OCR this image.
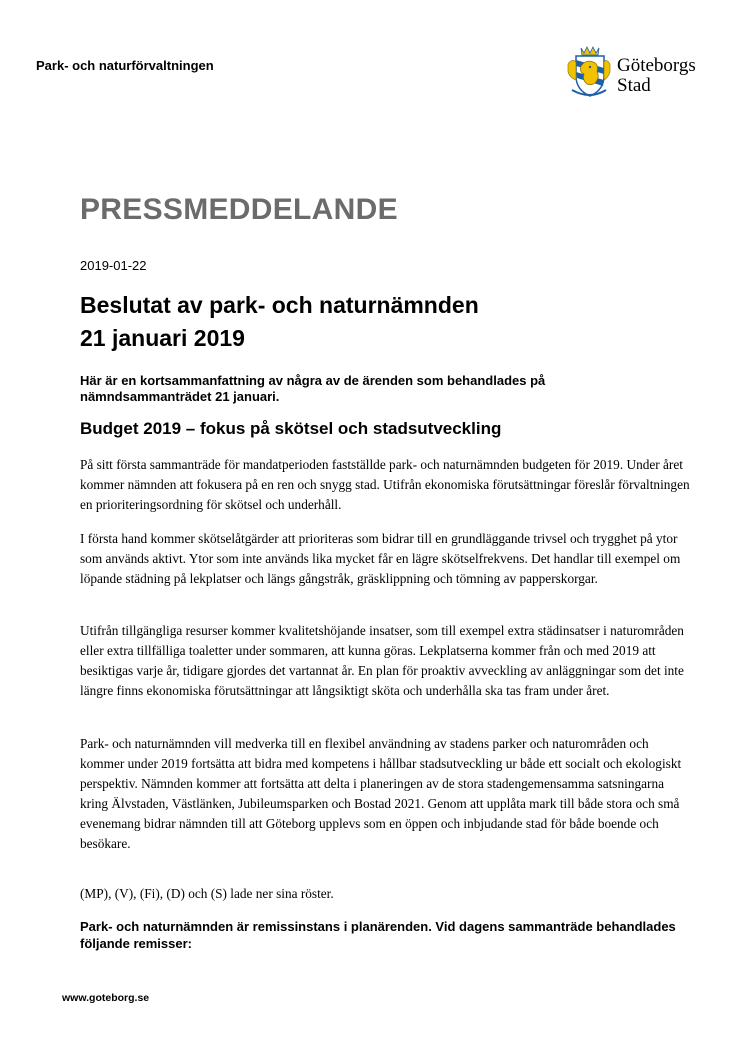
Park- och naturförvaltningen	Göteborgs
Stad
PRESSMEDDELANDE
2019-01-22
Beslutat av park- och naturnämnden
21 januari 2019

Här är en kortsammanfattning av några av de ärenden som behandlades på nämndsammanträdet 21 januari.

Budget 2019 – fokus på skötsel och stadsutveckling

På sitt första sammanträde för mandatperioden fastställde park- och naturnämnden budgeten för 2019. Under året kommer nämnden att fokusera på en ren och snygg stad. Utifrån ekonomiska förutsättningar föreslår förvaltningen en prioriteringsordning för skötsel och underhåll.

I första hand kommer skötselåtgärder att prioriteras som bidrar till en grundläggande trivsel och trygghet på ytor som används aktivt. Ytor som inte används lika mycket får en lägre skötselfrekvens. Det handlar till exempel om löpande städning på lekplatser och längs gångstråk, gräsklippning och tömning av papperskorgar.

Utifrån tillgängliga resurser kommer kvalitetshöjande insatser, som till exempel extra städinsatser i naturområden eller extra tillfälliga toaletter under sommaren, att kunna göras. Lekplatserna kommer från och med 2019 att besiktigas varje år, tidigare gjordes det vartannat år. En plan för proaktiv avveckling av anläggningar som det inte längre finns ekonomiska förutsättningar att långsiktigt sköta och underhålla ska tas fram under året.

Park- och naturnämnden vill medverka till en flexibel användning av stadens parker och naturområden och kommer under 2019 fortsätta att bidra med kompetens i hållbar stadsutveckling ur både ett socialt och ekologiskt perspektiv. Nämnden kommer att fortsätta att delta i planeringen av de stora stadengemensamma satsningarna kring Älvstaden, Västlänken, Jubileumsparken och Bostad 2021. Genom att upplåta mark till både stora och små evenemang bidrar nämnden till att Göteborg upplevs som en öppen och inbjudande stad för både boende och besökare.

(MP), (V), (Fi), (D) och (S) lade ner sina röster.

Park- och naturnämnden är remissinstans i planärenden. Vid dagens sammanträde behandlades följande remisser:

www.goteborg.se
